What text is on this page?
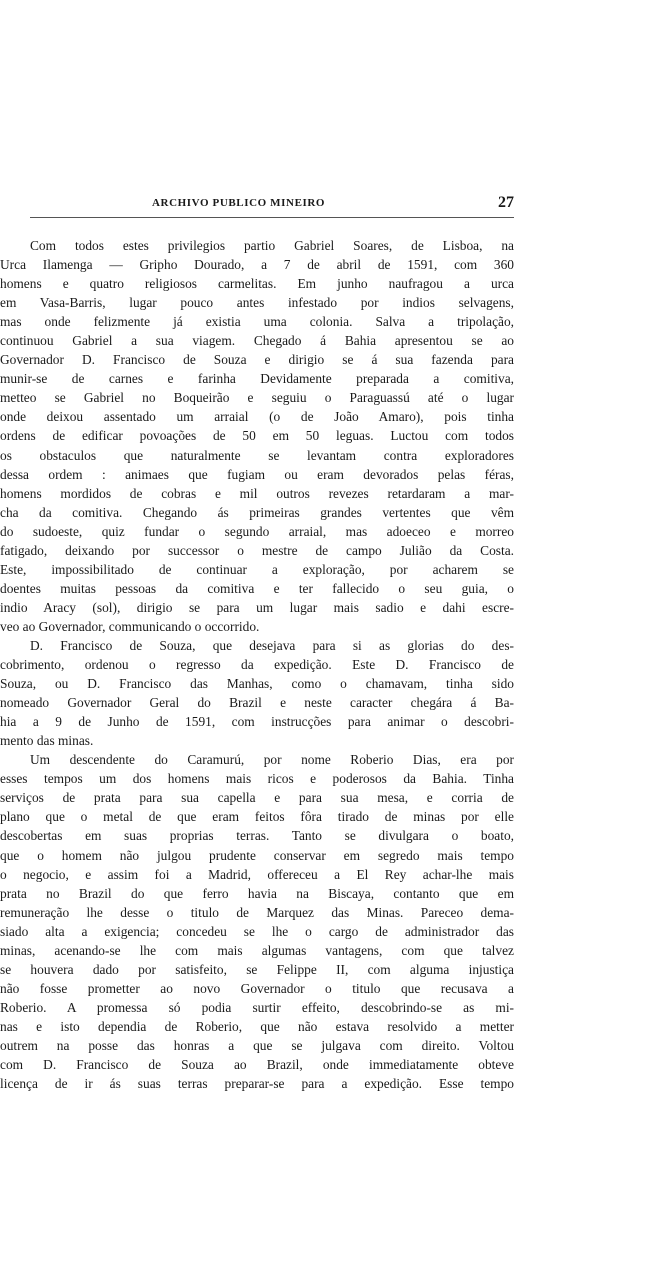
ARCHIVO PUBLICO MINEIRO	27
Com todos estes privilegios partio Gabriel Soares, de Lisboa, na
Urca Ilamenga — Gripho Dourado, a 7 de abril de 1591, com 360
homens e quatro religiosos carmelitas. Em junho naufragou a urca
em Vasa-Barris, lugar pouco antes infestado por indios selvagens,
mas onde felizmente já existia uma colonia. Salva a tripolação,
continuou Gabriel a sua viagem. Chegado á Bahia apresentou se ao
Governador D. Francisco de Souza e dirigio se á sua fazenda para
munir-se de carnes e farinha Devidamente preparada a comitiva,
metteo se Gabriel no Boqueirão e seguiu o Paraguassú até o lugar
onde deixou assentado um arraial (o de João Amaro), pois tinha
ordens de edificar povoações de 50 em 50 leguas. Luctou com todos
os obstaculos que naturalmente se levantam contra exploradores
dessa ordem : animaes que fugiam ou eram devorados pelas féras,
homens mordidos de cobras e mil outros revezes retardaram a mar-
cha da comitiva. Chegando ás primeiras grandes vertentes que vêm
do sudoeste, quiz fundar o segundo arraial, mas adoeceo e morreo
fatigado, deixando por successor o mestre de campo Julião da Costa.
Este, impossibilitado de continuar a exploração, por acharem se
doentes muitas pessoas da comitiva e ter fallecido o seu guia, o
indio Aracy (sol), dirigio se para um lugar mais sadio e dahi escre-
veo ao Governador, communicando o occorrido.
D. Francisco de Souza, que desejava para si as glorias do des-
cobrimento, ordenou o regresso da expedição. Este D. Francisco de
Souza, ou D. Francisco das Manhas, como o chamavam, tinha sido
nomeado Governador Geral do Brazil e neste caracter chegára á Ba-
hia a 9 de Junho de 1591, com instrucções para animar o descobri-
mento das minas.
Um descendente do Caramurú, por nome Roberio Dias, era por
esses tempos um dos homens mais ricos e poderosos da Bahia. Tinha
serviços de prata para sua capella e para sua mesa, e corria de
plano que o metal de que eram feitos fôra tirado de minas por elle
descobertas em suas proprias terras. Tanto se divulgara o boato,
que o homem não julgou prudente conservar em segredo mais tempo
o negocio, e assim foi a Madrid, offereceu a El Rey achar-lhe mais
prata no Brazil do que ferro havia na Biscaya, contanto que em
remuneração lhe desse o titulo de Marquez das Minas. Pareceo dema-
siado alta a exigencia; concedeu se lhe o cargo de administrador das
minas, acenando-se lhe com mais algumas vantagens, com que talvez
se houvera dado por satisfeito, se Felippe II, com alguma injustiça
não fosse prometter ao novo Governador o titulo que recusava a
Roberio. A promessa só podia surtir effeito, descobrindo-se as mi-
nas e isto dependia de Roberio, que não estava resolvido a metter
outrem na posse das honras a que se julgava com direito. Voltou
com D. Francisco de Souza ao Brazil, onde immediatamente obteve
licença de ir ás suas terras preparar-se para a expedição. Esse tempo
